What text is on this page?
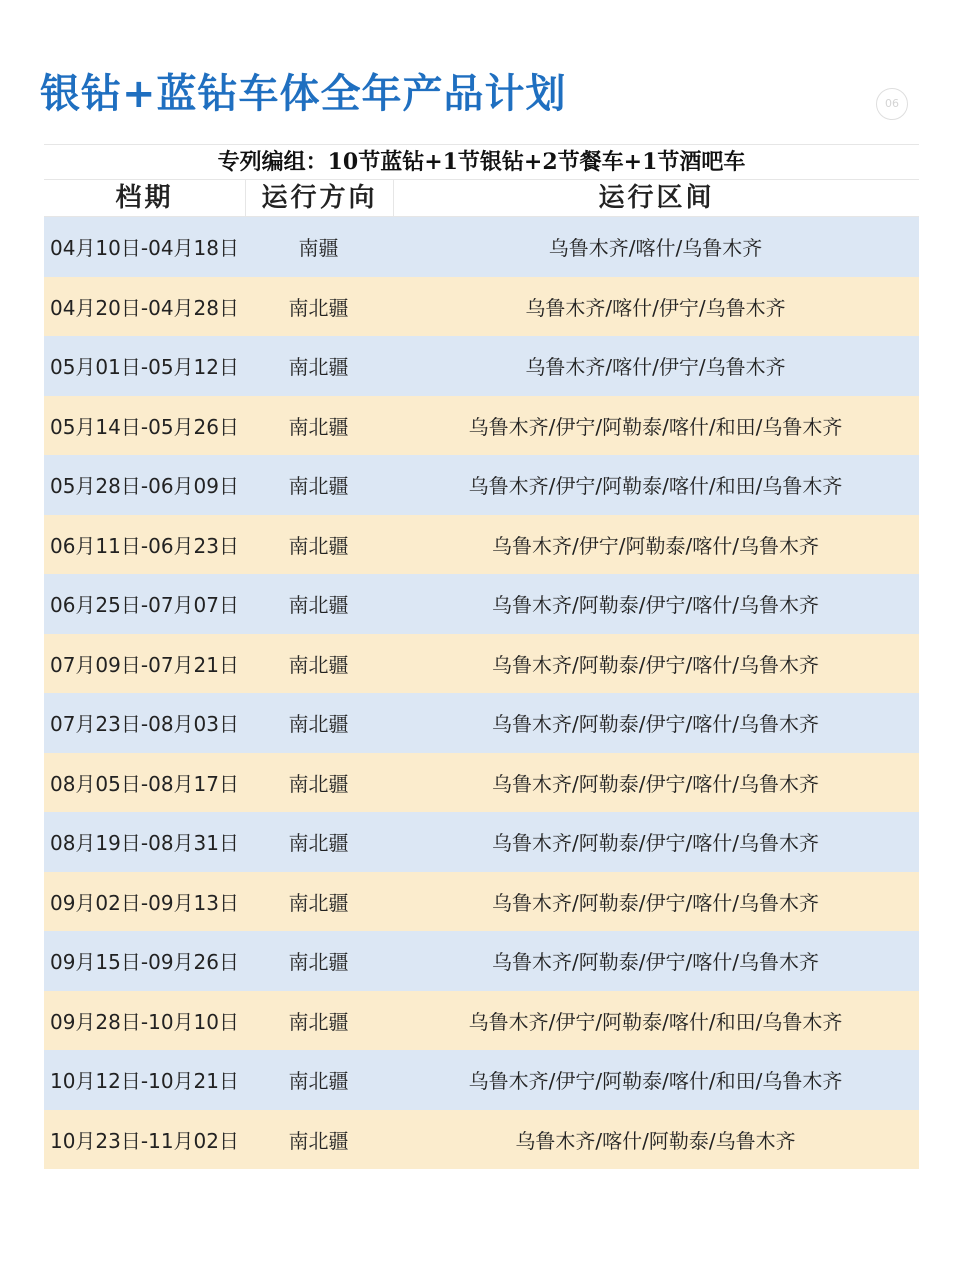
银钻+蓝钻车体全年产品计划	06
专列编组：10节蓝钻+1节银钻+2节餐车+1节酒吧车
档期	运行方向	运行区间
04月10日-04月18日	南疆	乌鲁木齐/喀什/乌鲁木齐
04月20日-04月28日	南北疆	乌鲁木齐/喀什/伊宁/乌鲁木齐
05月01日-05月12日	南北疆	乌鲁木齐/喀什/伊宁/乌鲁木齐
05月14日-05月26日	南北疆	乌鲁木齐/伊宁/阿勒泰/喀什/和田/乌鲁木齐
05月28日-06月09日	南北疆	乌鲁木齐/伊宁/阿勒泰/喀什/和田/乌鲁木齐
06月11日-06月23日	南北疆	乌鲁木齐/伊宁/阿勒泰/喀什/乌鲁木齐
06月25日-07月07日	南北疆	乌鲁木齐/阿勒泰/伊宁/喀什/乌鲁木齐
07月09日-07月21日	南北疆	乌鲁木齐/阿勒泰/伊宁/喀什/乌鲁木齐
07月23日-08月03日	南北疆	乌鲁木齐/阿勒泰/伊宁/喀什/乌鲁木齐
08月05日-08月17日	南北疆	乌鲁木齐/阿勒泰/伊宁/喀什/乌鲁木齐
08月19日-08月31日	南北疆	乌鲁木齐/阿勒泰/伊宁/喀什/乌鲁木齐
09月02日-09月13日	南北疆	乌鲁木齐/阿勒泰/伊宁/喀什/乌鲁木齐
09月15日-09月26日	南北疆	乌鲁木齐/阿勒泰/伊宁/喀什/乌鲁木齐
09月28日-10月10日	南北疆	乌鲁木齐/伊宁/阿勒泰/喀什/和田/乌鲁木齐
10月12日-10月21日	南北疆	乌鲁木齐/伊宁/阿勒泰/喀什/和田/乌鲁木齐
10月23日-11月02日	南北疆	乌鲁木齐/喀什/阿勒泰/乌鲁木齐
